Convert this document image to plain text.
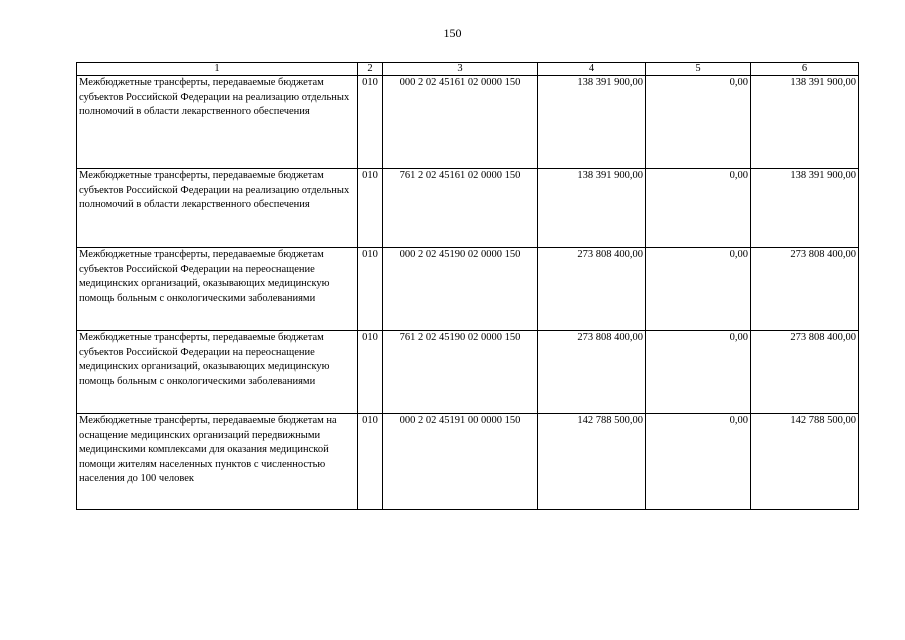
150
1	2	3	4	5	6
Межбюджетные трансферты, передаваемые бюджетам субъектов Российской Федерации на реализацию отдельных полномочий в области лекарственного обеспечения	010	000 2 02 45161 02 0000 150	138 391 900,00	0,00	138 391 900,00
Межбюджетные трансферты, передаваемые бюджетам субъектов Российской Федерации на реализацию отдельных полномочий в области лекарственного обеспечения	010	761 2 02 45161 02 0000 150	138 391 900,00	0,00	138 391 900,00
Межбюджетные трансферты, передаваемые бюджетам субъектов Российской Федерации на переоснащение медицинских организаций, оказывающих медицинскую помощь больным с онкологическими заболеваниями	010	000 2 02 45190 02 0000 150	273 808 400,00	0,00	273 808 400,00
Межбюджетные трансферты, передаваемые бюджетам субъектов Российской Федерации на переоснащение медицинских организаций, оказывающих медицинскую помощь больным с онкологическими заболеваниями	010	761 2 02 45190 02 0000 150	273 808 400,00	0,00	273 808 400,00
Межбюджетные трансферты, передаваемые бюджетам на оснащение медицинских организаций передвижными медицинскими комплексами для оказания медицинской помощи жителям населенных пунктов с численностью населения до 100 человек	010	000 2 02 45191 00 0000 150	142 788 500,00	0,00	142 788 500,00
